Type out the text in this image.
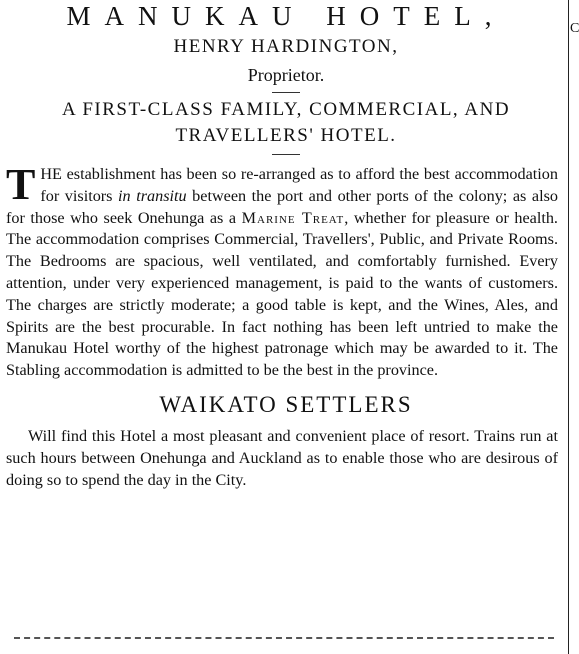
MANUKAU HOTEL,
HENRY HARDINGTON,
Proprietor.
A FIRST-CLASS FAMILY, COMMERCIAL, AND TRAVELLERS' HOTEL.

THE establishment has been so re-arranged as to afford the best accommodation for visitors in transitu between the port and other ports of the colony; as also for those who seek Onehunga as a Marine Treat, whether for pleasure or health. The accommodation comprises Commercial, Travellers', Public, and Private Rooms. The Bedrooms are spacious, well ventilated, and comfortably furnished. Every attention, under very experienced management, is paid to the wants of customers. The charges are strictly moderate; a good table is kept, and the Wines, Ales, and Spirits are the best procurable. In fact nothing has been left untried to make the Manukau Hotel worthy of the highest patronage which may be awarded to it. The Stabling accommodation is admitted to be the best in the province.

WAIKATO SETTLERS

Will find this Hotel a most pleasant and convenient place of resort. Trains run at such hours between Onehunga and Auckland as to enable those who are desirous of doing so to spend the day in the City.

C
